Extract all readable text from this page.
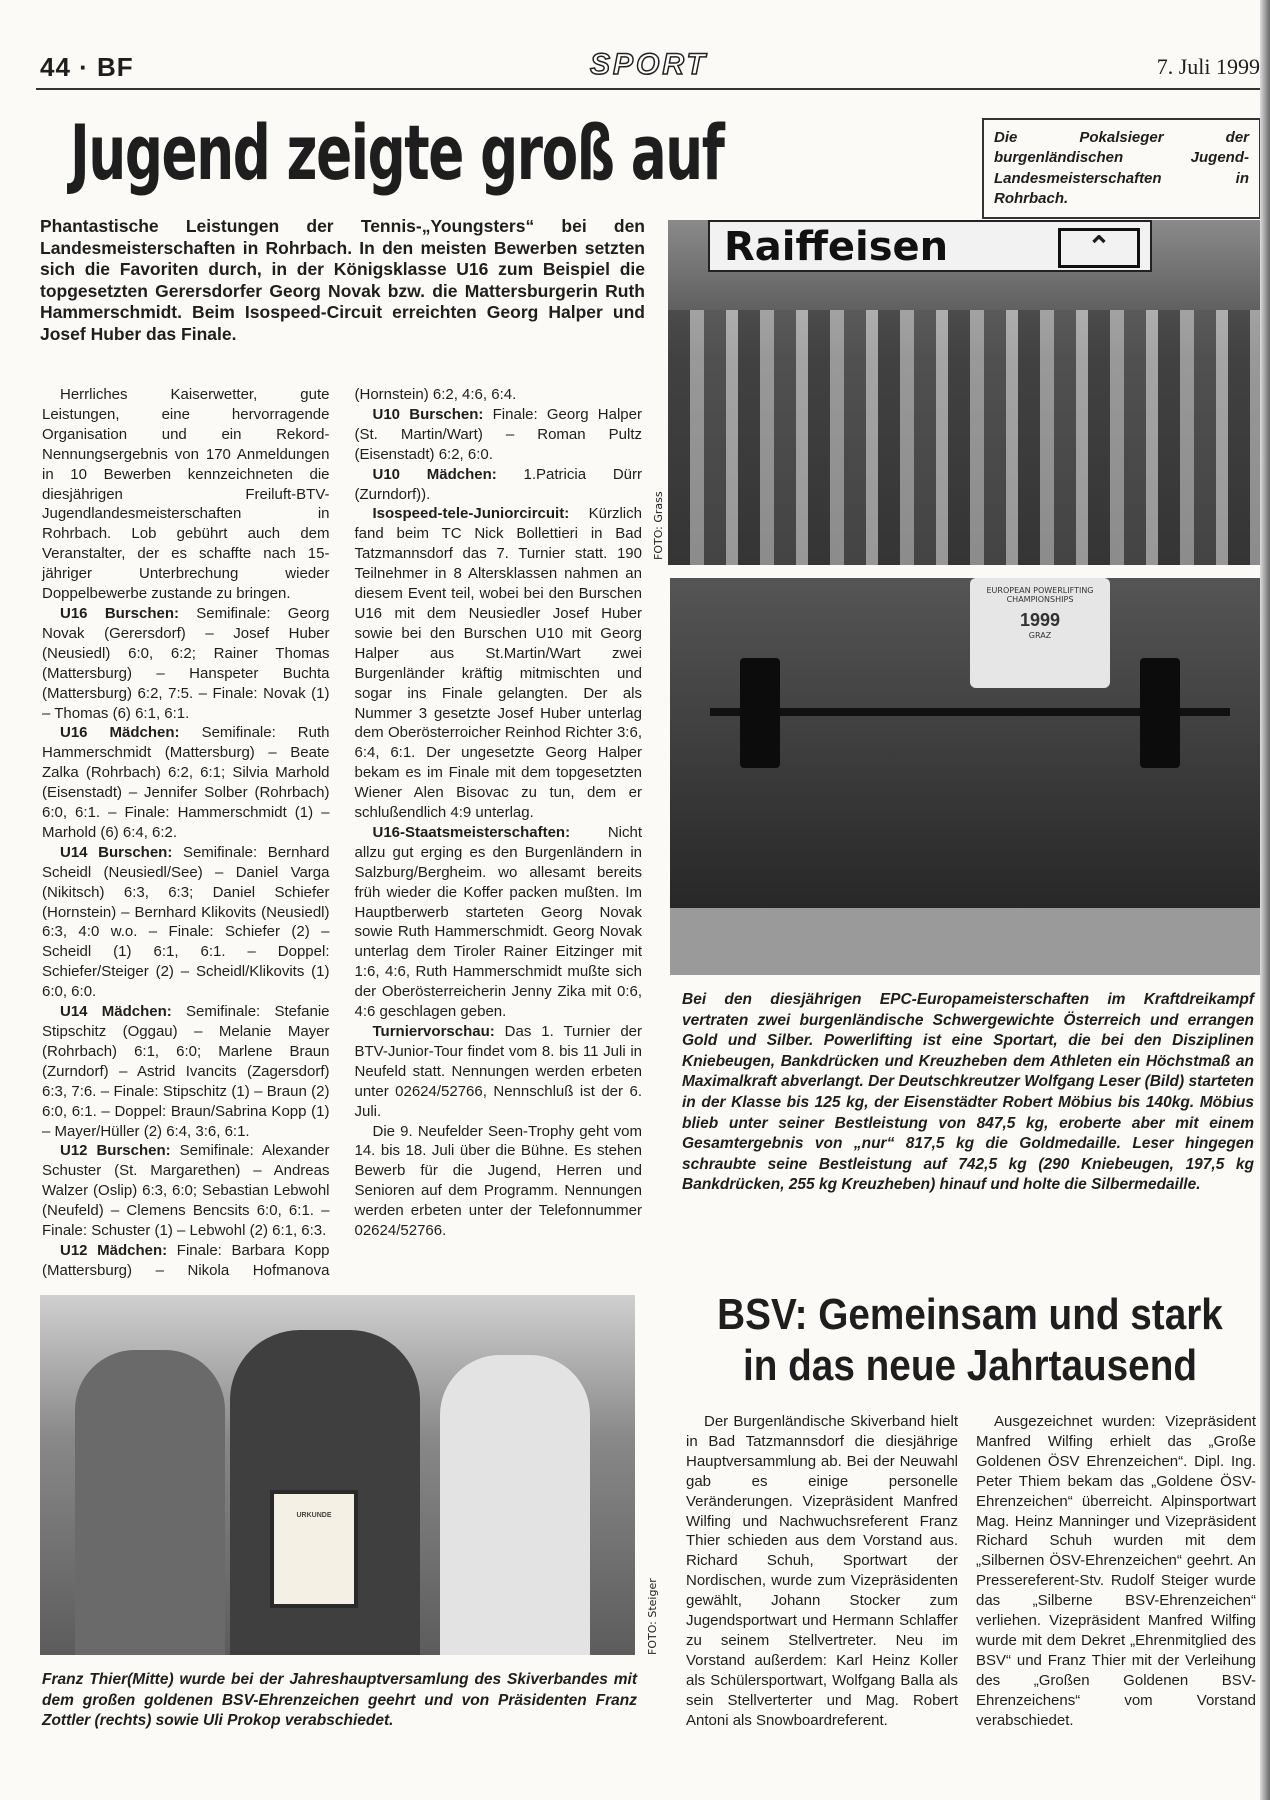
44 · BF	SPORT	7. Juli 1999
Jugend zeigte groß auf	Die Pokalsieger der burgenländischen Jugend-Landesmeisterschaften in Rohrbach.
Phantastische Leistungen der Tennis-„Youngsters“ bei den Landesmeisterschaften in Rohrbach. In den meisten Bewerben setzten sich die Favoriten durch, in der Königsklasse U16 zum Beispiel die topgesetzten Gerersdorfer Georg Novak bzw. die Mattersburgerin Ruth Hammerschmidt. Beim Isospeed-Circuit erreichten Georg Halper und Josef Huber das Finale.
Raiffeisen	⌃
FOTO: Grass
EUROPEAN POWERLIFTING CHAMPIONSHIPS
1999
GRAZ
Bei den diesjährigen EPC-Europameisterschaften im Kraftdreikampf vertraten zwei burgenländische Schwergewichte Österreich und errangen Gold und Silber. Powerlifting ist eine Sportart, die bei den Disziplinen Kniebeugen, Bankdrücken und Kreuzheben dem Athleten ein Höchstmaß an Maximalkraft abverlangt. Der Deutschkreutzer Wolfgang Leser (Bild) starteten in der Klasse bis 125 kg, der Eisenstädter Robert Möbius bis 140kg. Möbius blieb unter seiner Bestleistung von 847,5 kg, eroberte aber mit einem Gesamtergebnis von „nur“ 817,5 kg die Goldmedaille. Leser hingegen schraubte seine Bestleistung auf 742,5 kg (290 Kniebeugen, 197,5 kg Bankdrücken, 255 kg Kreuzheben) hinauf und holte die Silbermedaille.

Herrliches Kaiserwetter, gute Leistungen, eine hervorragende Organisation und ein Rekord-Nennungsergebnis von 170 Anmeldungen in 10 Bewerben kennzeichneten die diesjährigen Freiluft-BTV-Jugendlandesmeisterschaften in Rohrbach. Lob gebührt auch dem Veranstalter, der es schaffte nach 15-jähriger Unterbrechung wieder Doppelbewerbe zustande zu bringen.

U16 Burschen: Semifinale: Georg Novak (Gerersdorf) – Josef Huber (Neusiedl) 6:0, 6:2; Rainer Thomas (Mattersburg) – Hanspeter Buchta (Mattersburg) 6:2, 7:5. – Finale: Novak (1) – Thomas (6) 6:1, 6:1.

U16 Mädchen: Semifinale: Ruth Hammerschmidt (Mattersburg) – Beate Zalka (Rohrbach) 6:2, 6:1; Silvia Marhold (Eisenstadt) – Jennifer Solber (Rohrbach) 6:0, 6:1. – Finale: Hammerschmidt (1) – Marhold (6) 6:4, 6:2.

U14 Burschen: Semifinale: Bernhard Scheidl (Neusiedl/See) – Daniel Varga (Nikitsch) 6:3, 6:3; Daniel Schiefer (Hornstein) – Bernhard Klikovits (Neusiedl) 6:3, 4:0 w.o. – Finale: Schiefer (2) – Scheidl (1) 6:1, 6:1. – Doppel: Schiefer/Steiger (2) – Scheidl/Klikovits (1) 6:0, 6:0.

U14 Mädchen: Semifinale: Stefanie Stipschitz (Oggau) – Melanie Mayer (Rohrbach) 6:1, 6:0; Marlene Braun (Zurndorf) – Astrid Ivancits (Zagersdorf) 6:3, 7:6. – Finale: Stipschitz (1) – Braun (2) 6:0, 6:1. – Doppel: Braun/Sabrina Kopp (1) – Mayer/Hüller (2) 6:4, 3:6, 6:1.

U12 Burschen: Semifinale: Alexander Schuster (St. Margarethen) – Andreas Walzer (Oslip) 6:3, 6:0; Sebastian Lebwohl (Neufeld) – Clemens Bencsits 6:0, 6:1. – Finale: Schuster (1) – Lebwohl (2) 6:1, 6:3.

U12 Mädchen: Finale: Barbara Kopp (Mattersburg) – Nikola Hofmanova (Hornstein) 6:2, 4:6, 6:4.

U10 Burschen: Finale: Georg Halper (St. Martin/Wart) – Roman Pultz (Eisenstadt) 6:2, 6:0.

U10 Mädchen: 1.Patricia Dürr (Zurndorf)).

Isospeed-tele-Juniorcircuit: Kürzlich fand beim TC Nick Bollettieri in Bad Tatzmannsdorf das 7. Turnier statt. 190 Teilnehmer in 8 Altersklassen nahmen an diesem Event teil, wobei bei den Burschen U16 mit dem Neusiedler Josef Huber sowie bei den Burschen U10 mit Georg Halper aus St.Martin/Wart zwei Burgenländer kräftig mitmischten und sogar ins Finale gelangten. Der als Nummer 3 gesetzte Josef Huber unterlag dem Oberösterroicher Reinhod Richter 3:6, 6:4, 6:1. Der ungesetzte Georg Halper bekam es im Finale mit dem topgesetzten Wiener Alen Bisovac zu tun, dem er schlußendlich 4:9 unterlag.

U16-Staatsmeisterschaften: Nicht allzu gut erging es den Burgenländern in Salzburg/Bergheim. wo allesamt bereits früh wieder die Koffer packen mußten. Im Hauptberwerb starteten Georg Novak sowie Ruth Hammerschmidt. Georg Novak unterlag dem Tiroler Rainer Eitzinger mit 1:6, 4:6, Ruth Hammerschmidt mußte sich der Oberösterreicherin Jenny Zika mit 0:6, 4:6 geschlagen geben.

Turniervorschau: Das 1. Turnier der BTV-Junior-Tour findet vom 8. bis 11 Juli in Neufeld statt. Nennungen werden erbeten unter 02624/52766, Nennschluß ist der 6. Juli.

Die 9. Neufelder Seen-Trophy geht vom 14. bis 18. Juli über die Bühne. Es stehen Bewerb für die Jugend, Herren und Senioren auf dem Programm. Nennungen werden erbeten unter der Telefonnummer 02624/52766.

URKUNDE
FOTO: Steiger
Franz Thier(Mitte) wurde bei der Jahreshauptversamlung des Skiverbandes mit dem großen goldenen BSV-Ehrenzeichen geehrt und von Präsidenten Franz Zottler (rechts) sowie Uli Prokop verabschiedet.
BSV: Gemeinsam und stark
in das neue Jahrtausend

Der Burgenländische Skiverband hielt in Bad Tatzmannsdorf die diesjährige Hauptversammlung ab. Bei der Neuwahl gab es einige personelle Veränderungen. Vizepräsident Manfred Wilfing und Nachwuchsreferent Franz Thier schieden aus dem Vorstand aus. Richard Schuh, Sportwart der Nordischen, wurde zum Vizepräsidenten gewählt, Johann Stocker zum Jugendsportwart und Hermann Schlaffer zu seinem Stellvertreter. Neu im Vorstand außerdem: Karl Heinz Koller als Schülersportwart, Wolfgang Balla als sein Stellverterter und Mag. Robert Antoni als Snowboardreferent.

Ausgezeichnet wurden: Vizepräsident Manfred Wilfing erhielt das „Große Goldenen ÖSV Ehrenzeichen“. Dipl. Ing. Peter Thiem bekam das „Goldene ÖSV-Ehrenzeichen“ überreicht. Alpinsportwart Mag. Heinz Manninger und Vizepräsident Richard Schuh wurden mit dem „Silbernen ÖSV-Ehrenzeichen“ geehrt. An Pressereferent-Stv. Rudolf Steiger wurde das „Silberne BSV-Ehrenzeichen“ verliehen. Vizepräsident Manfred Wilfing wurde mit dem Dekret „Ehrenmitglied des BSV“ und Franz Thier mit der Verleihung des „Großen Goldenen BSV-Ehrenzeichens“ vom Vorstand verabschiedet.
